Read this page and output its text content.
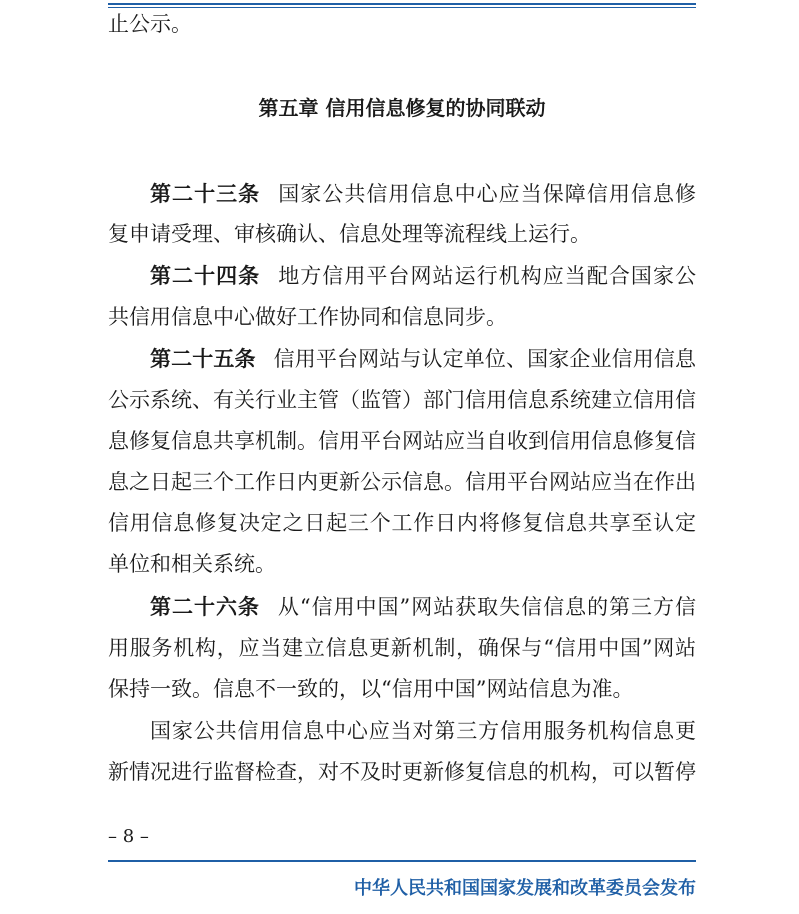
止公示。
第五章 信用信息修复的协同联动
第二十三条 国家公共信用信息中心应当保障信用信息修
复申请受理、审核确认、信息处理等流程线上运行。
第二十四条 地方信用平台网站运行机构应当配合国家公
共信用信息中心做好工作协同和信息同步。
第二十五条 信用平台网站与认定单位、国家企业信用信息
公示系统、有关行业主管（监管）部门信用信息系统建立信用信
息修复信息共享机制。信用平台网站应当自收到信用信息修复信
息之日起三个工作日内更新公示信息。信用平台网站应当在作出
信用信息修复决定之日起三个工作日内将修复信息共享至认定
单位和相关系统。
第二十六条 从“信用中国”网站获取失信信息的第三方信
用服务机构，应当建立信息更新机制，确保与“信用中国”网站
保持一致。信息不一致的，以“信用中国”网站信息为准。
国家公共信用信息中心应当对第三方信用服务机构信息更
新情况进行监督检查，对不及时更新修复信息的机构，可以暂停
– 8 –
中华人民共和国国家发展和改革委员会发布
